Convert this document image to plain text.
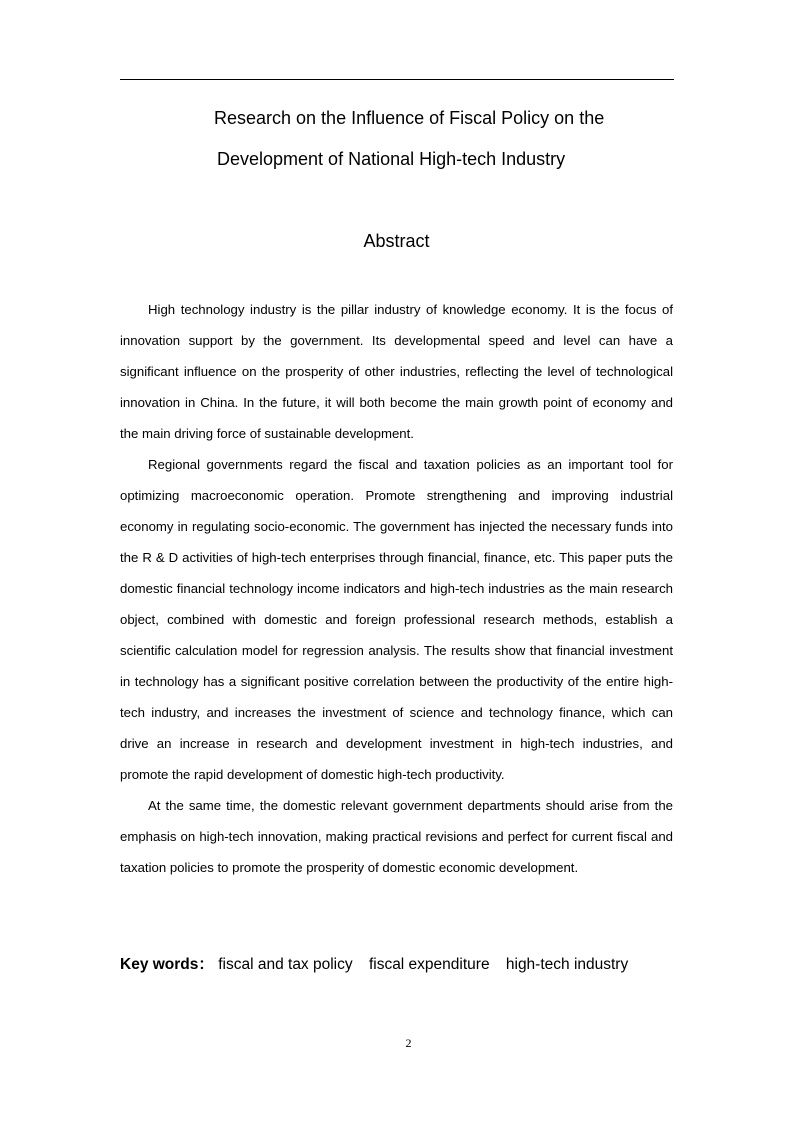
Research on the Influence of Fiscal Policy on the
Development of National High-tech Industry
Abstract

High technology industry is the pillar industry of knowledge economy. It is the focus of innovation support by the government. Its developmental speed and level can have a significant influence on the prosperity of other industries, reflecting the level of technological innovation in China. In the future, it will both become the main growth point of economy and the main driving force of sustainable development.

Regional governments regard the fiscal and taxation policies as an important tool for optimizing macroeconomic operation. Promote strengthening and improving industrial economy in regulating socio-economic. The government has injected the necessary funds into the R & D activities of high-tech enterprises through financial, finance, etc. This paper puts the domestic financial technology income indicators and high-tech industries as the main research object, combined with domestic and foreign professional research methods, establish a scientific calculation model for regression analysis. The results show that financial investment in technology has a significant positive correlation between the productivity of the entire high-tech industry, and increases the investment of science and technology finance, which can drive an increase in research and development investment in high-tech industries, and promote the rapid development of domestic high-tech productivity.

At the same time, the domestic relevant government departments should arise from the emphasis on high-tech innovation, making practical revisions and perfect for current fiscal and taxation policies to promote the prosperity of domestic economic development.

Key words： fiscal and tax policy fiscal expenditure high-tech industry
2
